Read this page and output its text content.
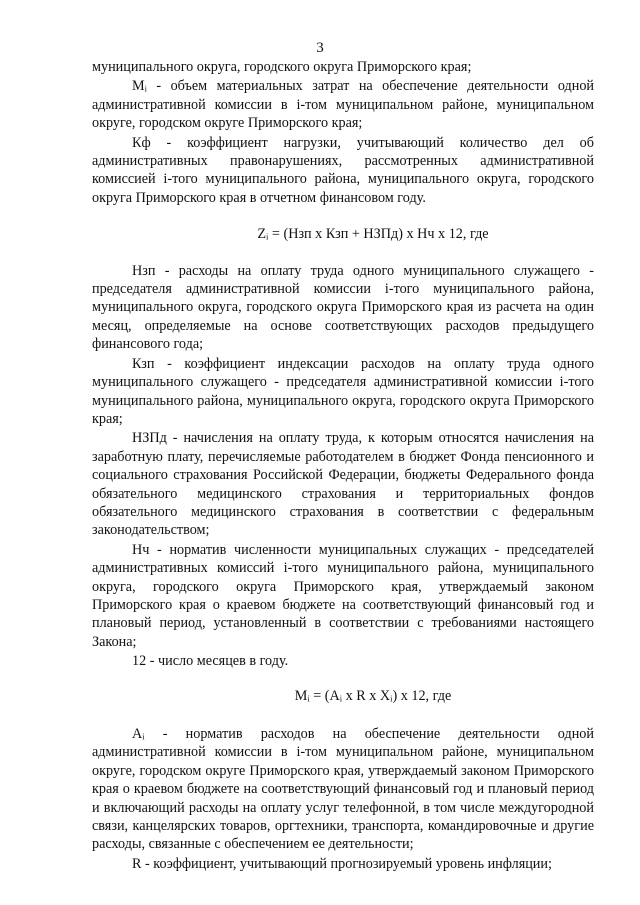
3

муниципального округа, городского округа Приморского края;

Мᵢ - объем материальных затрат на обеспечение деятельности одной административной комиссии в i-том муниципальном районе, муниципальном округе, городском округе Приморского края;

Кф - коэффициент нагрузки, учитывающий количество дел об административных правонарушениях, рассмотренных административной комиссией i-того муниципального района, муниципального округа, городского округа Приморского края в отчетном финансовом году.

Zᵢ = (Нзп x Кзп + НЗПд) x Нч x 12, где

Нзп - расходы на оплату труда одного муниципального служащего - председателя административной комиссии i-того муниципального района, муниципального округа, городского округа Приморского края из расчета на один месяц, определяемые на основе соответствующих расходов предыдущего финансового года;

Кзп - коэффициент индексации расходов на оплату труда одного муниципального служащего - председателя административной комиссии i-того муниципального района, муниципального округа, городского округа Приморского края;

НЗПд - начисления на оплату труда, к которым относятся начисления на заработную плату, перечисляемые работодателем в бюджет Фонда пенсионного и социального страхования Российской Федерации, бюджеты Федерального фонда обязательного медицинского страхования и территориальных фондов обязательного медицинского страхования в соответствии с федеральным законодательством;

Нч - норматив численности муниципальных служащих - председателей административных комиссий i-того муниципального района, муниципального округа, городского округа Приморского края, утверждаемый законом Приморского края о краевом бюджете на соответствующий финансовый год и плановый период, установленный в соответствии с требованиями настоящего Закона;

12 - число месяцев в году.

Мᵢ = (Аᵢ x R x Хᵢ) x 12, где

Аᵢ - норматив расходов на обеспечение деятельности одной административной комиссии в i-том муниципальном районе, муниципальном округе, городском округе Приморского края, утверждаемый законом Приморского края о краевом бюджете на соответствующий финансовый год и плановый период и включающий расходы на оплату услуг телефонной, в том числе междугородной связи, канцелярских товаров, оргтехники, транспорта, командировочные и другие расходы, связанные с обеспечением ее деятельности;

R - коэффициент, учитывающий прогнозируемый уровень инфляции;
